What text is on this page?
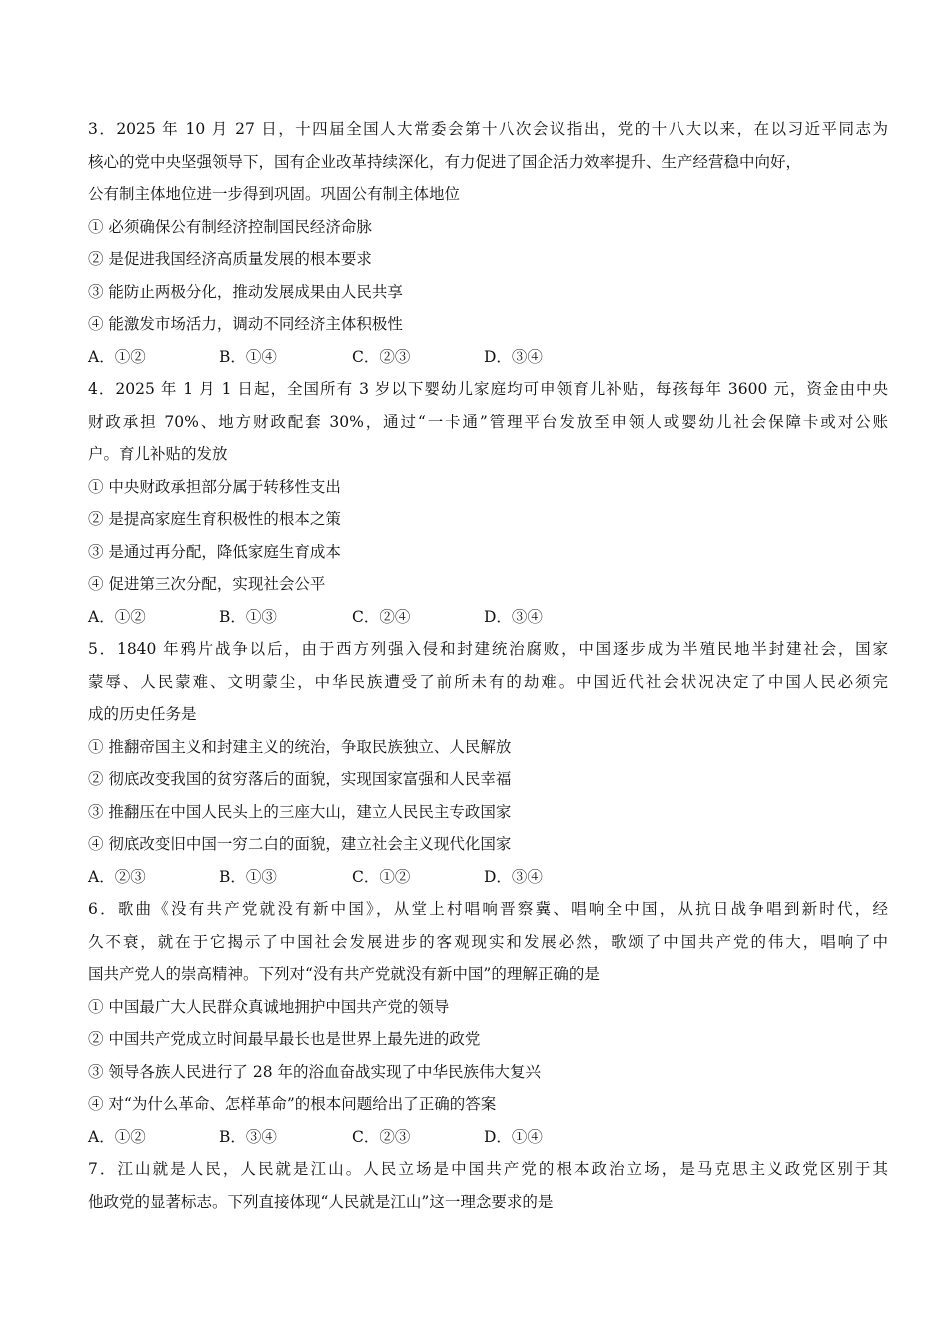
3．2025 年 10 月 27 日，十四届全国人大常委会第十八次会议指出，党的十八大以来，在以习近平同志为
核心的党中央坚强领导下，国有企业改革持续深化，有力促进了国企活力效率提升、生产经营稳中向好，
公有制主体地位进一步得到巩固。巩固公有制主体地位
① 必须确保公有制经济控制国民经济命脉
② 是促进我国经济高质量发展的根本要求
③ 能防止两极分化，推动发展成果由人民共享
④ 能激发市场活力，调动不同经济主体积极性
A．①②	B．①④	C．②③	D．③④
4．2025 年 1 月 1 日起，全国所有 3 岁以下婴幼儿家庭均可申领育儿补贴，每孩每年 3600 元，资金由中央
财政承担 70%、地方财政配套 30%，通过“一卡通”管理平台发放至申领人或婴幼儿社会保障卡或对公账
户。育儿补贴的发放
① 中央财政承担部分属于转移性支出
② 是提高家庭生育积极性的根本之策
③ 是通过再分配，降低家庭生育成本
④ 促进第三次分配，实现社会公平
A．①②	B．①③	C．②④	D．③④
5．1840 年鸦片战争以后，由于西方列强入侵和封建统治腐败，中国逐步成为半殖民地半封建社会，国家
蒙辱、人民蒙难、文明蒙尘，中华民族遭受了前所未有的劫难。中国近代社会状况决定了中国人民必须完
成的历史任务是
① 推翻帝国主义和封建主义的统治，争取民族独立、人民解放
② 彻底改变我国的贫穷落后的面貌，实现国家富强和人民幸福
③ 推翻压在中国人民头上的三座大山，建立人民民主专政国家
④ 彻底改变旧中国一穷二白的面貌，建立社会主义现代化国家
A．②③	B．①③	C．①②	D．③④
6．歌曲《没有共产党就没有新中国》，从堂上村唱响晋察冀、唱响全中国，从抗日战争唱到新时代，经
久不衰，就在于它揭示了中国社会发展进步的客观现实和发展必然，歌颂了中国共产党的伟大，唱响了中
国共产党人的崇高精神。下列对“没有共产党就没有新中国”的理解正确的是
① 中国最广大人民群众真诚地拥护中国共产党的领导
② 中国共产党成立时间最早最长也是世界上最先进的政党
③ 领导各族人民进行了 28 年的浴血奋战实现了中华民族伟大复兴
④ 对“为什么革命、怎样革命”的根本问题给出了正确的答案
A．①②	B．③④	C．②③	D．①④
7．江山就是人民，人民就是江山。人民立场是中国共产党的根本政治立场，是马克思主义政党区别于其
他政党的显著标志。下列直接体现“人民就是江山”这一理念要求的是
